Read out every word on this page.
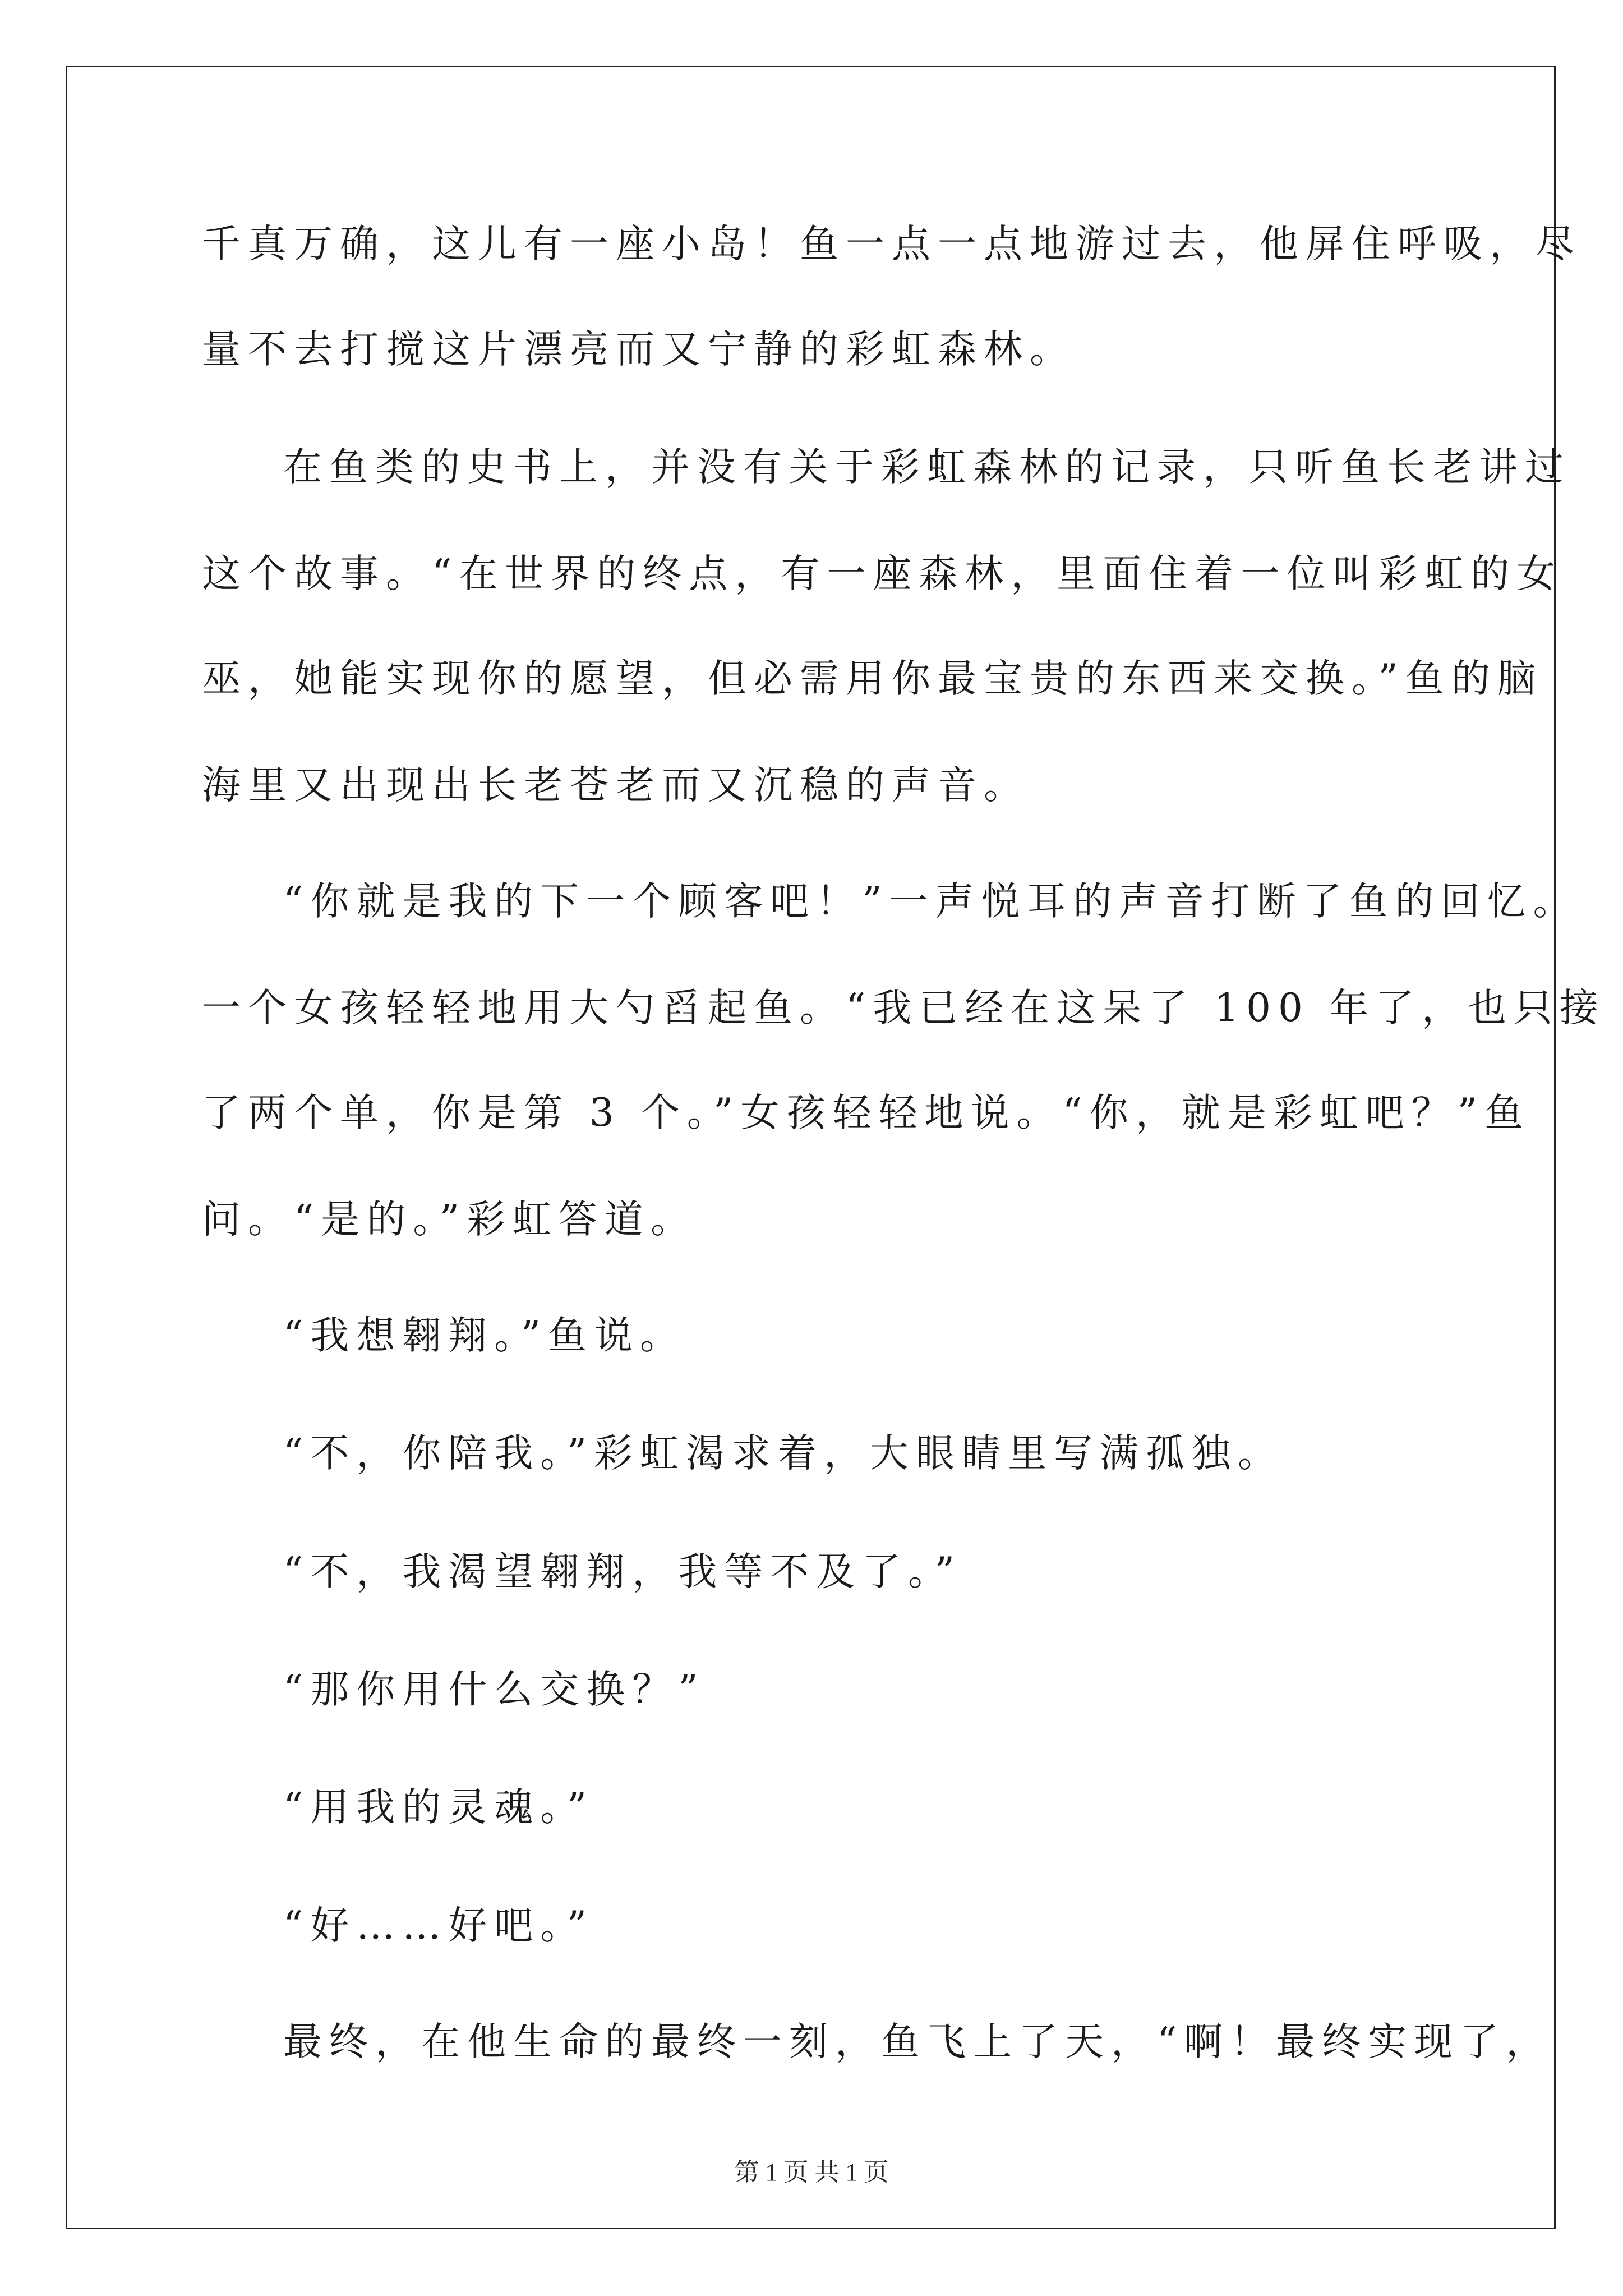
千真万确，这儿有一座小岛！鱼一点一点地游过去，他屏住呼吸，尽
量不去打搅这片漂亮而又宁静的彩虹森林。
在鱼类的史书上，并没有关于彩虹森林的记录，只听鱼长老讲过
这个故事。“在世界的终点，有一座森林，里面住着一位叫彩虹的女
巫，她能实现你的愿望，但必需用你最宝贵的东西来交换。”鱼的脑
海里又出现出长老苍老而又沉稳的声音。
“你就是我的下一个顾客吧！”一声悦耳的声音打断了鱼的回忆。
一个女孩轻轻地用大勺舀起鱼。“我已经在这呆了 100 年了，也只接
了两个单，你是第 3 个。”女孩轻轻地说。“你，就是彩虹吧？”鱼
问。“是的。”彩虹答道。
“我想翱翔。”鱼说。
“不，你陪我。”彩虹渴求着，大眼睛里写满孤独。
“不，我渴望翱翔，我等不及了。”
“那你用什么交换？”
“用我的灵魂。”
“好……好吧。”
最终，在他生命的最终一刻，鱼飞上了天，“啊！最终实现了，
第 1 页 共 1 页
